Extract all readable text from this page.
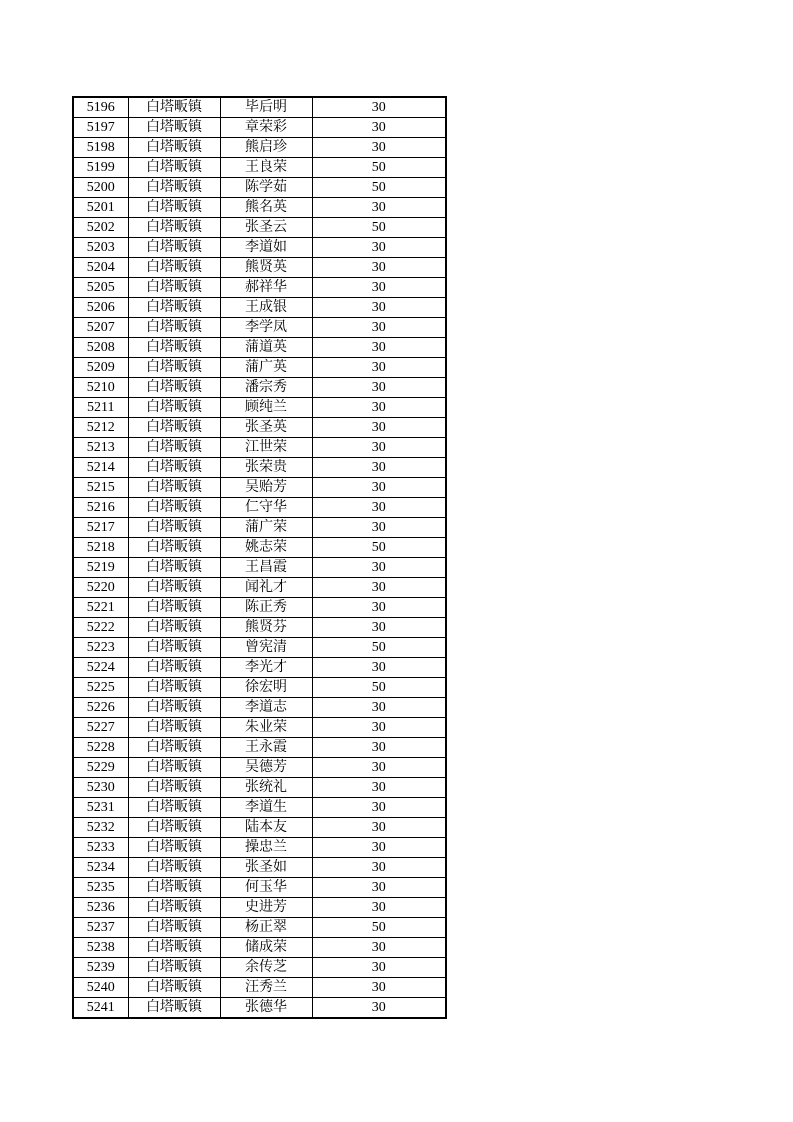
5196	白塔畈镇	毕后明	30
5197	白塔畈镇	章荣彩	30
5198	白塔畈镇	熊启珍	30
5199	白塔畈镇	王良荣	50
5200	白塔畈镇	陈学茹	50
5201	白塔畈镇	熊名英	30
5202	白塔畈镇	张圣云	50
5203	白塔畈镇	李道如	30
5204	白塔畈镇	熊贤英	30
5205	白塔畈镇	郝祥华	30
5206	白塔畈镇	王成银	30
5207	白塔畈镇	李学凤	30
5208	白塔畈镇	蒲道英	30
5209	白塔畈镇	蒲广英	30
5210	白塔畈镇	潘宗秀	30
5211	白塔畈镇	顾纯兰	30
5212	白塔畈镇	张圣英	30
5213	白塔畈镇	江世荣	30
5214	白塔畈镇	张荣贵	30
5215	白塔畈镇	吴贻芳	30
5216	白塔畈镇	仁守华	30
5217	白塔畈镇	蒲广荣	30
5218	白塔畈镇	姚志荣	50
5219	白塔畈镇	王昌霞	30
5220	白塔畈镇	闻礼才	30
5221	白塔畈镇	陈正秀	30
5222	白塔畈镇	熊贤芬	30
5223	白塔畈镇	曾宪清	50
5224	白塔畈镇	李光才	30
5225	白塔畈镇	徐宏明	50
5226	白塔畈镇	李道志	30
5227	白塔畈镇	朱业荣	30
5228	白塔畈镇	王永霞	30
5229	白塔畈镇	吴德芳	30
5230	白塔畈镇	张统礼	30
5231	白塔畈镇	李道生	30
5232	白塔畈镇	陆本友	30
5233	白塔畈镇	操忠兰	30
5234	白塔畈镇	张圣如	30
5235	白塔畈镇	何玉华	30
5236	白塔畈镇	史进芳	30
5237	白塔畈镇	杨正翠	50
5238	白塔畈镇	储成荣	30
5239	白塔畈镇	余传芝	30
5240	白塔畈镇	汪秀兰	30
5241	白塔畈镇	张德华	30
